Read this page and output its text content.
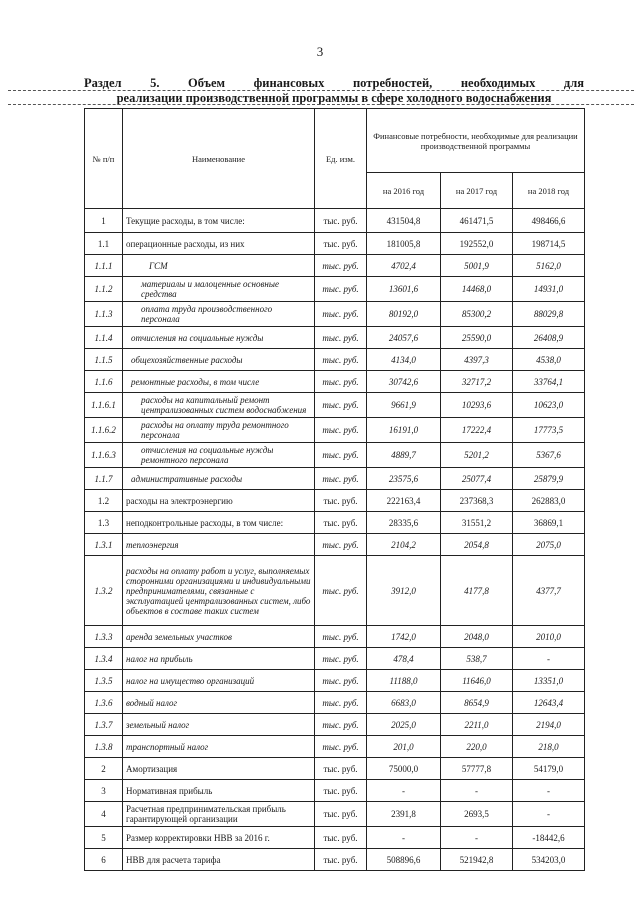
3
Раздел 5. Объем финансовых потребностей, необходимых для
реализации производственной программы в сфере холодного водоснабжения
№ п/п	Наименование	Ед. изм.	Финансовые потребности, необходимые для реализации производственной программы		
			на 2016 год	на 2017 год	на 2018 год
1	Текущие расходы, в том числе:	тыс. руб.	431504,8	461471,5	498466,6
1.1	операционные расходы, из них	тыс. руб.	181005,8	192552,0	198714,5
1.1.1	ГСМ	тыс. руб.	4702,4	5001,9	5162,0
1.1.2	материалы и малоценные основные средства	тыс. руб.	13601,6	14468,0	14931,0
1.1.3	оплата труда производственного персонала	тыс. руб.	80192,0	85300,2	88029,8
1.1.4	отчисления на социальные нужды	тыс. руб.	24057,6	25590,0	26408,9
1.1.5	общехозяйственные расходы	тыс. руб.	4134,0	4397,3	4538,0
1.1.6	ремонтные расходы, в том числе	тыс. руб.	30742,6	32717,2	33764,1
1.1.6.1	расходы на капитальный ремонт централизованных систем водоснабжения	тыс. руб.	9661,9	10293,6	10623,0
1.1.6.2	расходы на оплату труда ремонтного персонала	тыс. руб.	16191,0	17222,4	17773,5
1.1.6.3	отчисления на социальные нужды ремонтного персонала	тыс. руб.	4889,7	5201,2	5367,6
1.1.7	административные расходы	тыс. руб.	23575,6	25077,4	25879,9
1.2	расходы на электроэнергию	тыс. руб.	222163,4	237368,3	262883,0
1.3	неподконтрольные расходы, в том числе:	тыс. руб.	28335,6	31551,2	36869,1
1.3.1	теплоэнергия	тыс. руб.	2104,2	2054,8	2075,0
1.3.2	расходы на оплату работ и услуг, выполняемых сторонними организациями и индивидуальными предпринимателями, связанные с эксплуатацией централизованных систем, либо объектов в составе таких систем	тыс. руб.	3912,0	4177,8	4377,7
1.3.3	аренда земельных участков	тыс. руб.	1742,0	2048,0	2010,0
1.3.4	налог на прибыль	тыс. руб.	478,4	538,7	-
1.3.5	налог на имущество организаций	тыс. руб.	11188,0	11646,0	13351,0
1.3.6	водный налог	тыс. руб.	6683,0	8654,9	12643,4
1.3.7	земельный налог	тыс. руб.	2025,0	2211,0	2194,0
1.3.8	транспортный налог	тыс. руб.	201,0	220,0	218,0
2	Амортизация	тыс. руб.	75000,0	57777,8	54179,0
3	Нормативная прибыль	тыс. руб.	-	-	-
4	Расчетная предпринимательская прибыль гарантирующей организации	тыс. руб.	2391,8	2693,5	-
5	Размер корректировки НВВ за 2016 г.	тыс. руб.	-	-	-18442,6
6	НВВ для расчета тарифа	тыс. руб.	508896,6	521942,8	534203,0
